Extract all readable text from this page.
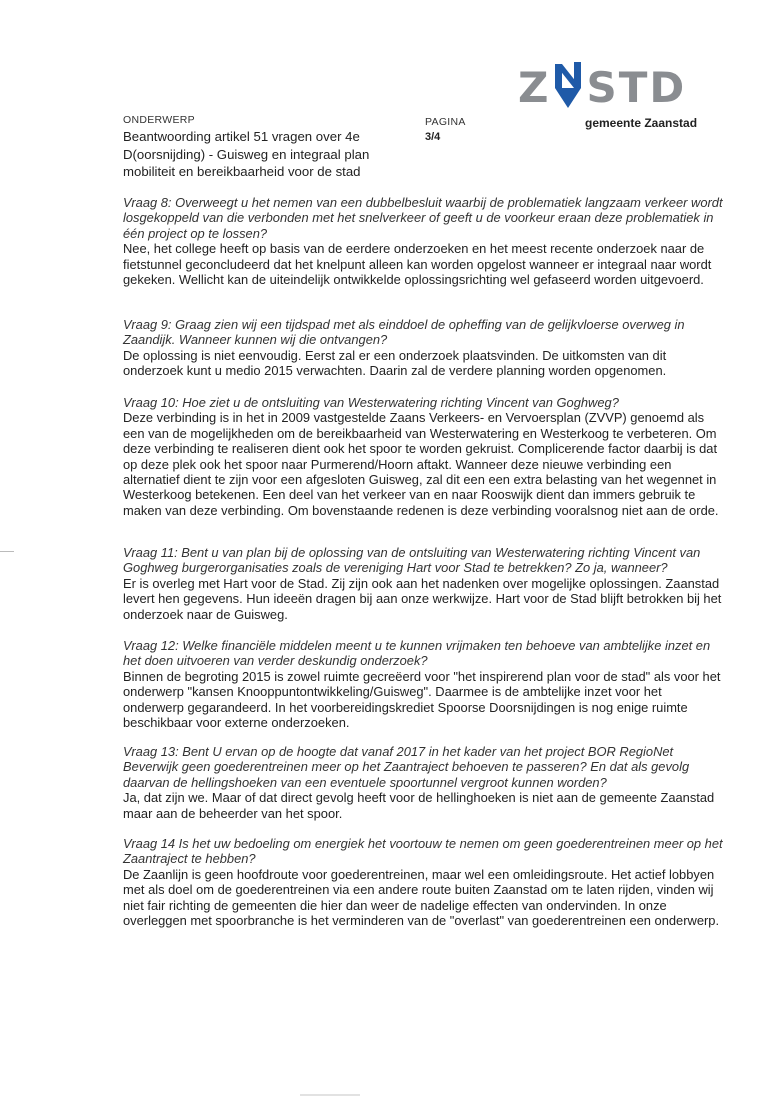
Z STD
ONDERWERP
Beantwoording artikel 51 vragen over 4e D(oorsnijding) - Guisweg en integraal plan mobiliteit en bereikbaarheid voor de stad
PAGINA
3/4
gemeente Zaanstad

Vraag 8: Overweegt u het nemen van een dubbelbesluit waarbij de problematiek langzaam verkeer wordt losgekoppeld van die verbonden met het snelverkeer of geeft u de voorkeur eraan deze problematiek in één project op te lossen?

Nee, het college heeft op basis van de eerdere onderzoeken en het meest recente onderzoek naar de fietstunnel geconcludeerd dat het knelpunt alleen kan worden opgelost wanneer er integraal naar wordt gekeken. Wellicht kan de uiteindelijk ontwikkelde oplossingsrichting wel gefaseerd worden uitgevoerd.

Vraag 9: Graag zien wij een tijdspad met als einddoel de opheffing van de gelijkvloerse overweg in Zaandijk. Wanneer kunnen wij die ontvangen?

De oplossing is niet eenvoudig. Eerst zal er een onderzoek plaatsvinden. De uitkomsten van dit onderzoek kunt u medio 2015 verwachten. Daarin zal de verdere planning worden opgenomen.

Vraag 10: Hoe ziet u de ontsluiting van Westerwatering richting Vincent van Goghweg?

Deze verbinding is in het in 2009 vastgestelde Zaans Verkeers- en Vervoersplan (ZVVP) genoemd als een van de mogelijkheden om de bereikbaarheid van Westerwatering en Westerkoog te verbeteren. Om deze verbinding te realiseren dient ook het spoor te worden gekruist. Complicerende factor daarbij is dat op deze plek ook het spoor naar Purmerend/Hoorn aftakt. Wanneer deze nieuwe verbinding een alternatief dient te zijn voor een afgesloten Guisweg, zal dit een een extra belasting van het wegennet in Westerkoog betekenen. Een deel van het verkeer van en naar Rooswijk dient dan immers gebruik te maken van deze verbinding. Om bovenstaande redenen is deze verbinding vooralsnog niet aan de orde.

Vraag 11: Bent u van plan bij de oplossing van de ontsluiting van Westerwatering richting Vincent van Goghweg burgerorganisaties zoals de vereniging Hart voor Stad te betrekken? Zo ja, wanneer?

Er is overleg met Hart voor de Stad. Zij zijn ook aan het nadenken over mogelijke oplossingen. Zaanstad levert hen gegevens. Hun ideeën dragen bij aan onze werkwijze. Hart voor de Stad blijft betrokken bij het onderzoek naar de Guisweg.

Vraag 12: Welke financiële middelen meent u te kunnen vrijmaken ten behoeve van ambtelijke inzet en het doen uitvoeren van verder deskundig onderzoek?

Binnen de begroting 2015 is zowel ruimte gecreëerd voor "het inspirerend plan voor de stad" als voor het onderwerp "kansen Knooppuntontwikkeling/Guisweg". Daarmee is de ambtelijke inzet voor het onderwerp gegarandeerd. In het voorbereidingskrediet Spoorse Doorsnijdingen is nog enige ruimte beschikbaar voor externe onderzoeken.

Vraag 13: Bent U ervan op de hoogte dat vanaf 2017 in het kader van het project BOR RegioNet Beverwijk geen goederentreinen meer op het Zaantraject behoeven te passeren? En dat als gevolg daarvan de hellingshoeken van een eventuele spoortunnel vergroot kunnen worden?

Ja, dat zijn we. Maar of dat direct gevolg heeft voor de hellinghoeken is niet aan de gemeente Zaanstad maar aan de beheerder van het spoor.

Vraag 14 Is het uw bedoeling om energiek het voortouw te nemen om geen goederentreinen meer op het Zaantraject te hebben?

De Zaanlijn is geen hoofdroute voor goederentreinen, maar wel een omleidingsroute. Het actief lobbyen met als doel om de goederentreinen via een andere route buiten Zaanstad om te laten rijden, vinden wij niet fair richting de gemeenten die hier dan weer de nadelige effecten van ondervinden. In onze overleggen met spoorbranche is het verminderen van de "overlast" van goederentreinen een onderwerp.
